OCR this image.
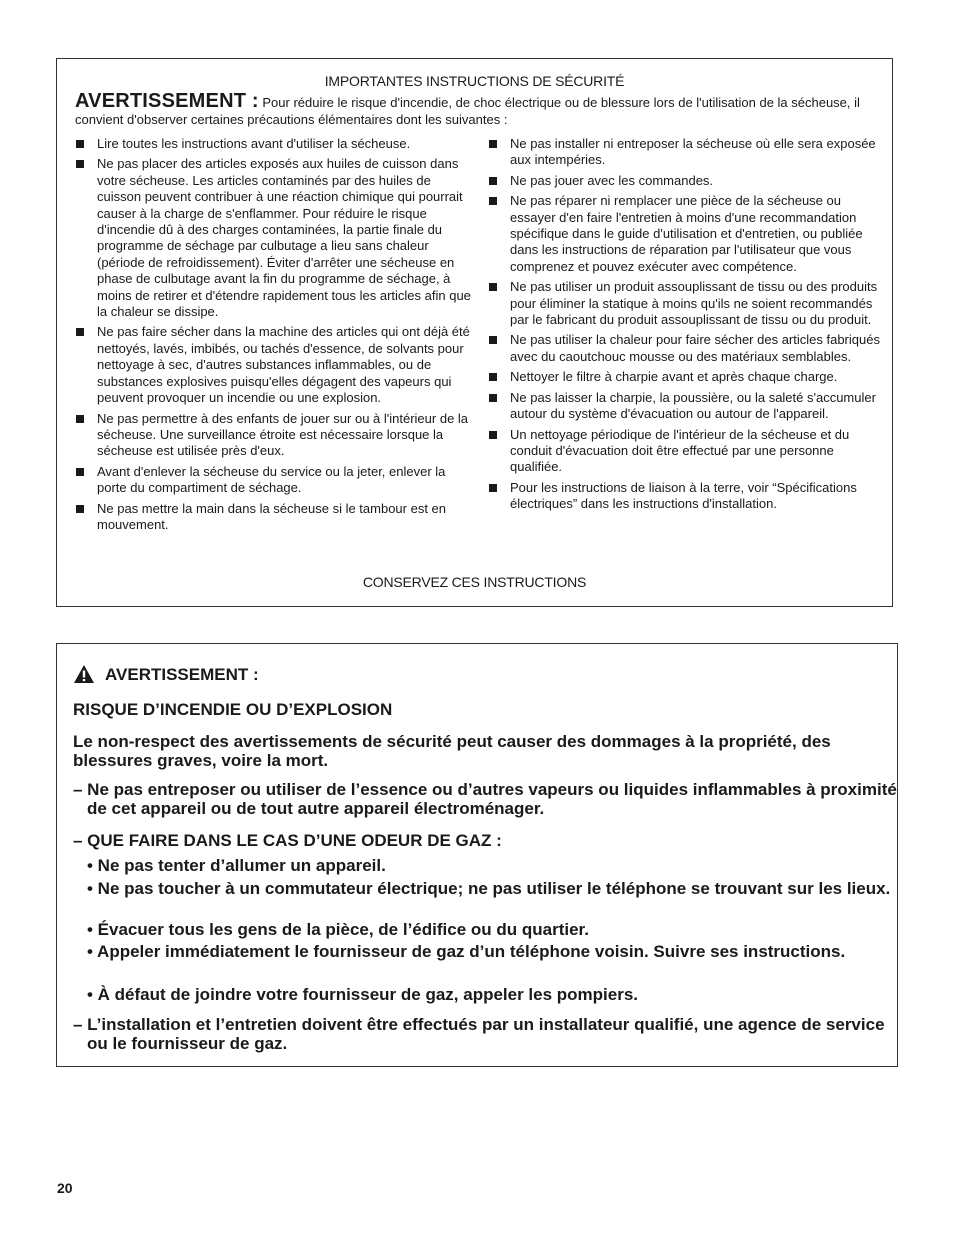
IMPORTANTES INSTRUCTIONS DE SÉCURITÉ
AVERTISSEMENT : Pour réduire le risque d'incendie, de choc électrique ou de blessure lors de l'utilisation de la sécheuse, il convient d'observer certaines précautions élémentaires dont les suivantes :
Lire toutes les instructions avant d'utiliser la sécheuse.
Ne pas placer des articles exposés aux huiles de cuisson dans votre sécheuse. Les articles contaminés par des huiles de cuisson peuvent contribuer à une réaction chimique qui pourrait causer à la charge de s'enflammer. Pour réduire le risque d'incendie dû à des charges contaminées, la partie finale du programme de séchage par culbutage a lieu sans chaleur (période de refroidissement). Éviter d'arrêter une sécheuse en phase de culbutage avant la fin du programme de séchage, à moins de retirer et d'étendre rapidement tous les articles afin que la chaleur se dissipe.
Ne pas faire sécher dans la machine des articles qui ont déjà été nettoyés, lavés, imbibés, ou tachés d'essence, de solvants pour nettoyage à sec, d'autres substances inflammables, ou de substances explosives puisqu'elles dégagent des vapeurs qui peuvent provoquer un incendie ou une explosion.
Ne pas permettre à des enfants de jouer sur ou à l'intérieur de la sécheuse. Une surveillance étroite est nécessaire lorsque la sécheuse est utilisée près d'eux.
Avant d'enlever la sécheuse du service ou la jeter, enlever la porte du compartiment de séchage.
Ne pas mettre la main dans la sécheuse si le tambour est en mouvement.
Ne pas installer ni entreposer la sécheuse où elle sera exposée aux intempéries.
Ne pas jouer avec les commandes.
Ne pas réparer ni remplacer une pièce de la sécheuse ou essayer d'en faire l'entretien à moins d'une recommandation spécifique dans le guide d'utilisation et d'entretien, ou publiée dans les instructions de réparation par l'utilisateur que vous comprenez et pouvez exécuter avec compétence.
Ne pas utiliser un produit assouplissant de tissu ou des produits pour éliminer la statique à moins qu'ils ne soient recommandés par le fabricant du produit assouplissant de tissu ou du produit.
Ne pas utiliser la chaleur pour faire sécher des articles fabriqués avec du caoutchouc mousse ou des matériaux semblables.
Nettoyer le filtre à charpie avant et après chaque charge.
Ne pas laisser la charpie, la poussière, ou la saleté s'accumuler autour du système d'évacuation ou autour de l'appareil.
Un nettoyage périodique de l'intérieur de la sécheuse et du conduit d'évacuation doit être effectué par une personne qualifiée.
Pour les instructions de liaison à la terre, voir “Spécifications électriques” dans les instructions d'installation.
CONSERVEZ CES INSTRUCTIONS
AVERTISSEMENT :
RISQUE D’INCENDIE OU D’EXPLOSION
Le non-respect des avertissements de sécurité peut causer des dommages à la propriété, des blessures graves, voire la mort.
– Ne pas entreposer ou utiliser de l’essence ou d’autres vapeurs ou liquides inflammables à proximité de cet appareil ou de tout autre appareil électroménager.
– QUE FAIRE DANS LE CAS D’UNE ODEUR DE GAZ :
• Ne pas tenter d’allumer un appareil.
• Ne pas toucher à un commutateur électrique; ne pas utiliser le téléphone se trouvant sur les lieux.
• Évacuer tous les gens de la pièce, de l’édifice ou du quartier.
• Appeler immédiatement le fournisseur de gaz d’un téléphone voisin. Suivre ses instructions.
• À défaut de joindre votre fournisseur de gaz, appeler les pompiers.
– L’installation et l’entretien doivent être effectués par un installateur qualifié, une agence de service ou le fournisseur de gaz.
20
